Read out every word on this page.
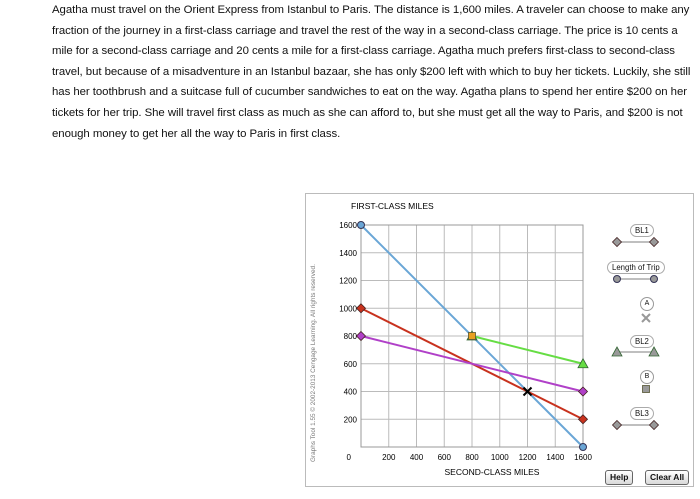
Agatha must travel on the Orient Express from Istanbul to Paris. The distance is 1,600 miles. A traveler can choose to make any fraction of the journey in a first-class carriage and travel the rest of the way in a second-class carriage. The price is 10 cents a mile for a second-class carriage and 20 cents a mile for a first-class carriage. Agatha much prefers first-class to second-class travel, but because of a misadventure in an Istanbul bazaar, she has only $200 left with which to buy her tickets. Luckily, she still has her toothbrush and a suitcase full of cucumber sandwiches to eat on the way. Agatha plans to spend her entire $200 on her tickets for her trip. She will travel first class as much as she can afford to, but she must get all the way to Paris, and $200 is not enough money to get her all the way to Paris in first class.

200 400 600 800 1000 1200 1400 1600
200
400
600
800
1000
1200
1400
1600
0
FIRST-CLASS MILES
SECOND-CLASS MILES
BL1
Length of Trip
A
BL2
B
BL3
Help	Clear All
Graphs Tool 1.55 © 2002-2013 Cengage Learning. All rights reserved.
